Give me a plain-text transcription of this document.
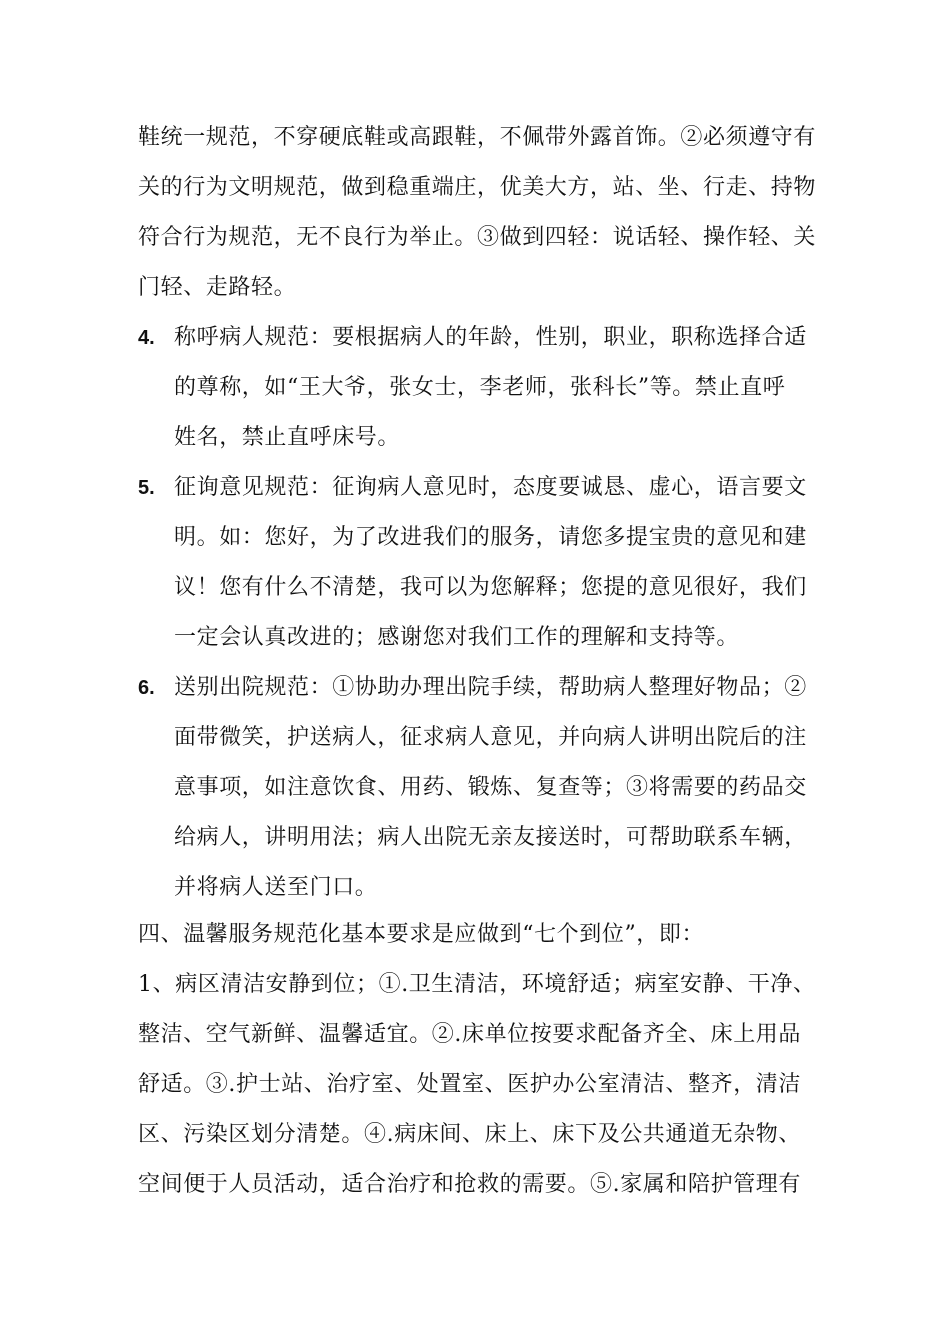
鞋统一规范，不穿硬底鞋或高跟鞋，不佩带外露首饰。②必须遵守有
关的行为文明规范，做到稳重端庄，优美大方，站、坐、行走、持物
符合行为规范，无不良行为举止。③做到四轻：说话轻、操作轻、关
门轻、走路轻。
4. 称呼病人规范：要根据病人的年龄，性别，职业，职称选择合适
的尊称，如“王大爷，张女士，李老师，张科长”等。禁止直呼
姓名，禁止直呼床号。
5. 征询意见规范：征询病人意见时，态度要诚恳、虚心，语言要文
明。如：您好，为了改进我们的服务，请您多提宝贵的意见和建
议！您有什么不清楚，我可以为您解释；您提的意见很好，我们
一定会认真改进的；感谢您对我们工作的理解和支持等。
6. 送别出院规范：①协助办理出院手续，帮助病人整理好物品；②
面带微笑，护送病人，征求病人意见，并向病人讲明出院后的注
意事项，如注意饮食、用药、锻炼、复查等；③将需要的药品交
给病人，讲明用法；病人出院无亲友接送时，可帮助联系车辆，
并将病人送至门口。
四、温馨服务规范化基本要求是应做到“七个到位”，即：
1、病区清洁安静到位；①.卫生清洁，环境舒适；病室安静、干净、
整洁、空气新鲜、温馨适宜。②.床单位按要求配备齐全、床上用品
舒适。③.护士站、治疗室、处置室、医护办公室清洁、整齐，清洁
区、污染区划分清楚。④.病床间、床上、床下及公共通道无杂物、
空间便于人员活动，适合治疗和抢救的需要。⑤.家属和陪护管理有
